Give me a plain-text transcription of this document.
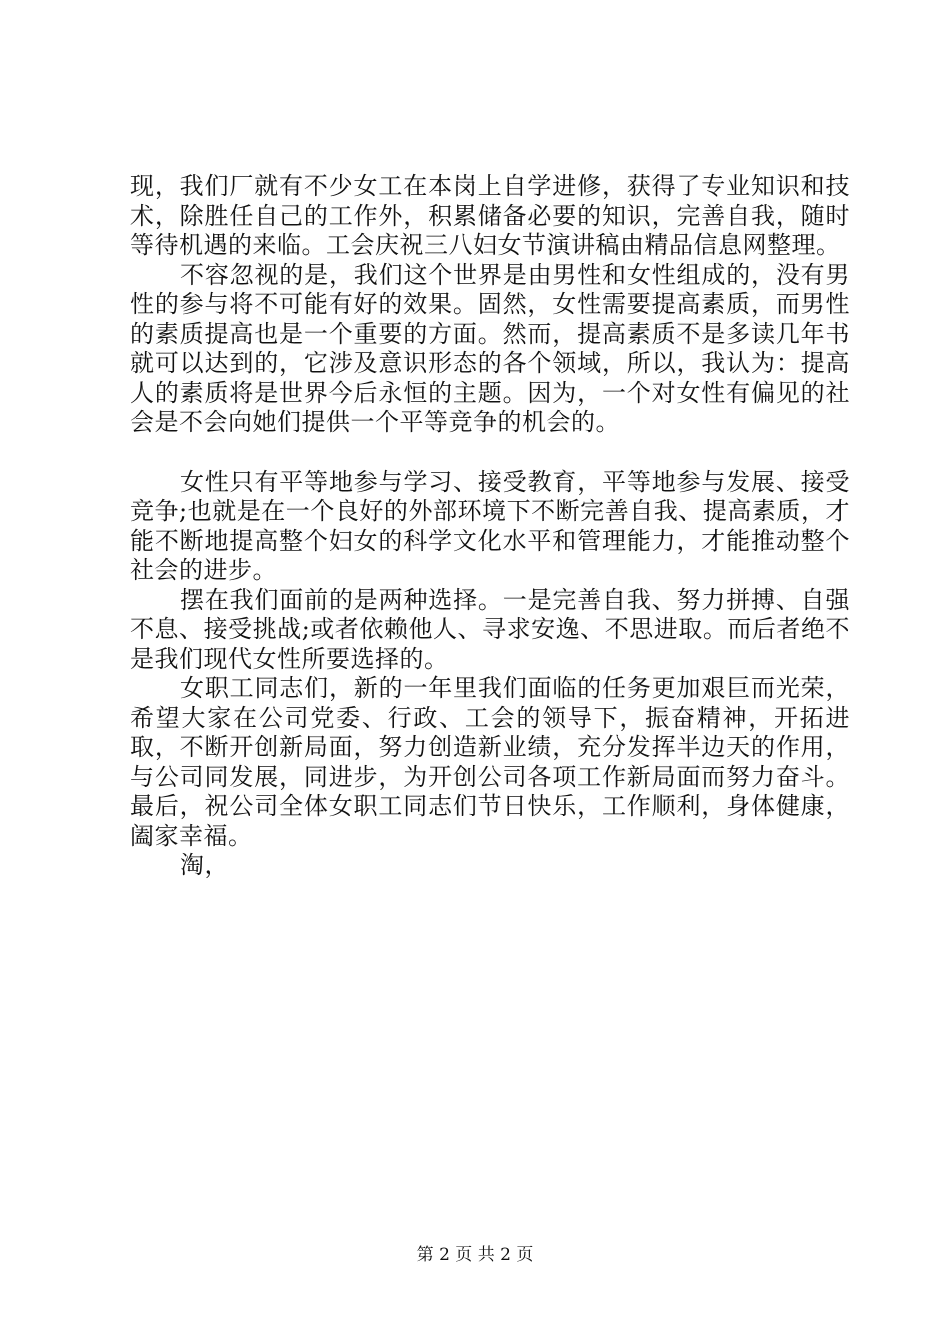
现，我们厂就有不少女工在本岗上自学进修，获得了专业知识和技术，除胜任自己的工作外，积累储备必要的知识，完善自我，随时等待机遇的来临。工会庆祝三八妇女节演讲稿由精品信息网整理。

不容忽视的是，我们这个世界是由男性和女性组成的，没有男性的参与将不可能有好的效果。固然，女性需要提高素质，而男性的素质提高也是一个重要的方面。然而，提高素质不是多读几年书就可以达到的，它涉及意识形态的各个领域，所以，我认为：提高人的素质将是世界今后永恒的主题。因为，一个对女性有偏见的社会是不会向她们提供一个平等竞争的机会的。

女性只有平等地参与学习、接受教育，平等地参与发展、接受竞争;也就是在一个良好的外部环境下不断完善自我、提高素质，才能不断地提高整个妇女的科学文化水平和管理能力，才能推动整个社会的进步。

摆在我们面前的是两种选择。一是完善自我、努力拼搏、自强不息、接受挑战;或者依赖他人、寻求安逸、不思进取。而后者绝不是我们现代女性所要选择的。

女职工同志们，新的一年里我们面临的任务更加艰巨而光荣，希望大家在公司党委、行政、工会的领导下，振奋精神，开拓进取，不断开创新局面，努力创造新业绩，充分发挥半边天的作用，与公司同发展，同进步，为开创公司各项工作新局面而努力奋斗。最后，祝公司全体女职工同志们节日快乐，工作顺利，身体健康，阖家幸福。

淘，

第 2 页 共 2 页
